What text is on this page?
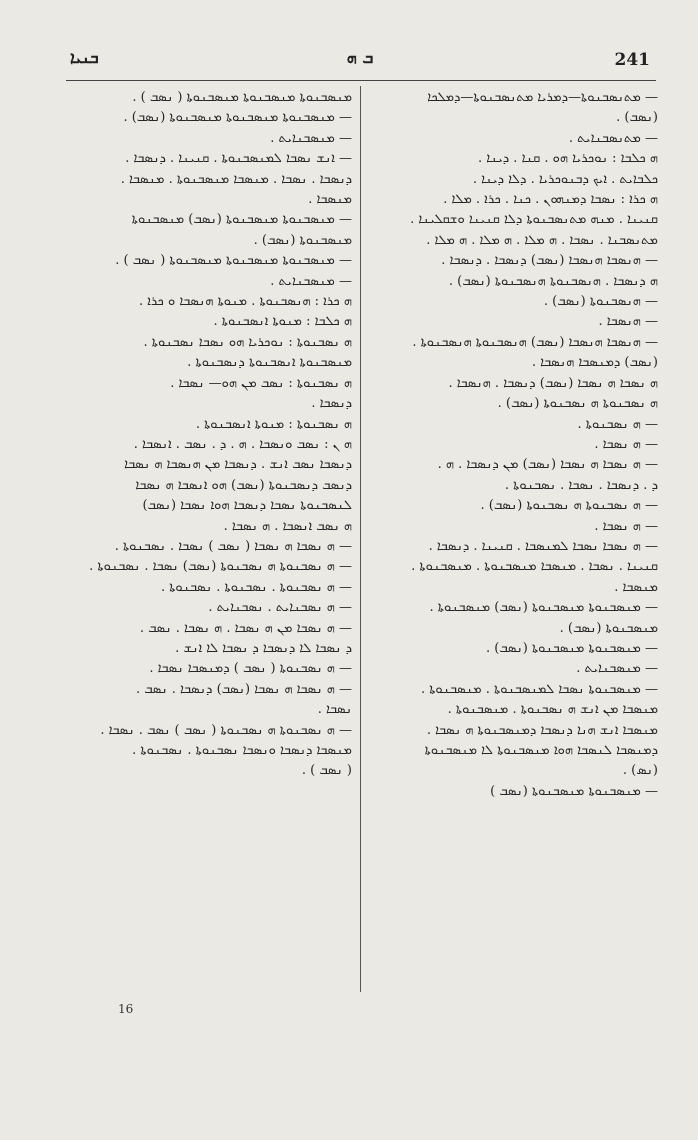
ܒܢܝܐ	ܒ ܗ	241
— ܡܬܢܣܒܢܘܬܐ—ܕܡܪܝܐ ܡܬܢܣܒܢܘܬܐ—ܕܡܠܟܐ
(ܢܣܒ) .
— ܡܬܢܣܒܢܐܝܬ .
ܗ ܟܠܒܐ : ܢܘܟܪܝܐ ܗܘ . ܩܢܐ . ܕܝܢܐ .
ܟܠܒܐܝܬ . ܐܝܟ ܕܒܢܘܟܪܝܐ . ܕܠܐ ܕܝܢܐ .
ܗ ܟܪܐ : ܢܣܒܐ ܕܡܢܗܘܢ . ܟܢܐ . ܟܪܐ . ܡܠܐ .
ܩܢܝܢܐ . ܡܢܗ ܡܬܢܣܒܢܘܬܐ ܕܠܐ ܩܢܝܢܐ ܘܫܩܠܝܢܐ .
ܡܬܢܣܒܢܐ . ܢܣܒܐ . ܗ ܡܠܐ . ܗ ܡܠܐ . ܗ ܡܠܐ .
— ܗܢܣܒܐ ܗܢܣܒܐ (ܢܣܒ) ܕܢܣܒܐ . ܕܢܣܒܐ .
ܗ ܕܢܣܒܐ . ܗܢܣܒܢܘܬܐ ܗܢܣܒܢܘܬܐ (ܢܣܒ) .
— ܗܢܣܒܢܘܬܐ (ܢܣܒ) .
— ܗܢܣܒܐ .
— ܗܢܣܒܐ ܗܢܣܒܐ (ܢܣܒ) ܗܢܣܒܢܘܬܐ ܗܢܣܒܢܘܬܐ .
(ܢܣܒ) ܕܡܢܣܒܐ ܗܢܣܒܐ .
ܗ ܢܣܒܐ ܗ ܢܣܒܐ (ܢܣܒ) ܕܢܣܒܐ . ܗܢܣܒܐ .
ܗ ܢܣܒܢܘܬܐ ܗ ܢܣܒܢܘܬܐ (ܢܣܒ) .
— ܗ ܢܣܒܢܘܬܐ .
— ܗ ܢܣܒܐ .
— ܗ ܢܣܒܐ ܗ ܢܣܒܐ (ܢܣܒ) ܡܢ ܕܢܣܒܐ . ܗ .
ܕ . ܕܢܣܒܐ . ܢܣܒܐ . ܢܣܒܢܘܬܐ .
— ܗ ܢܣܒܢܘܬܐ ܗ ܢܣܒܢܘܬܐ (ܢܣܒ) .
— ܗ ܢܣܒܐ .
— ܗ ܢܣܒܐ ܢܣܒܐ ܠܡܢܣܒܐ . ܩܢܝܢܐ . ܕܢܣܒܐ .
ܩܢܝܢܐ . ܢܣܒܐ . ܡܢܣܒܐ ܡܢܣܒܢܘܬܐ . ܡܢܣܒܢܘܬܐ .
ܡܢܣܒܐ .
— ܡܢܣܒܢܘܬܐ ܡܢܣܒܢܘܬܐ (ܢܣܒ) ܡܢܣܒܢܘܬܐ .
ܡܢܣܒܢܘܬܐ (ܢܣܒ) .
— ܡܢܣܒܢܘܬܐ ܡܢܣܒܢܘܬܐ (ܢܣܒ) .
— ܡܢܣܒܢܐܝܬ .
— ܡܢܣܒܢܘܬܐ ܢܣܒܐ ܠܡܢܣܒܢܘܬܐ . ܡܢܣܒܢܘܬܐ .
ܡܢܣܒܐ ܡܢ ܐܢܫ ܗ ܢܣܒܢܘܬܐ . ܡܢܣܒܢܘܬܐ .
ܡܢܣܒܐ ܐܢܫ ܗܢܐ ܕܢܣܒܐ ܕܡܢܣܒܢܘܬܐ ܗ ܢܣܒܐ .
ܕܡܢܣܒܐ ܠܢܣܒܐ ܗܘܐ ܡܢܣܒܢܘܬܐ ܠܐ ܡܢܣܒܢܘܬܐ
(ܢܣ) .
— ܡܢܣܒܢܘܬܐ ܡܢܣܒܢܘܬܐ (ܢܣܒ )
ܡܢܣܒܢܘܬܐ ܡܢܣܒܢܘܬܐ ܡܢܣܒܢܘܬܐ ( ܢܣܒ ) .
— ܡܢܣܒܢܘܬܐ ܡܢܣܒܢܘܬܐ ܡܢܣܒܢܘܬܐ (ܢܣܒ) .
— ܡܢܣܒܢܐܝܬ .
— ܐܢܫ ܢܣܒܐ ܠܡܢܣܒܢܘܬܐ . ܩܢܝܢܐ . ܕܢܣܒܐ .
ܕܢܣܒܐ . ܢܣܒܐ . ܡܢܣܒܐ ܡܢܣܒܢܘܬܐ . ܡܢܣܒܐ .
ܡܢܣܒܐ .
— ܡܢܣܒܢܘܬܐ ܡܢܣܒܢܘܬܐ (ܢܣܒ) ܡܢܣܒܢܘܬܐ
ܡܢܣܒܢܘܬܐ (ܢܣܒ) .
— ܡܢܣܒܢܘܬܐ ܡܢܣܒܢܘܬܐ ܡܢܣܒܢܘܬܐ ( ܢܣܒ ) .
— ܡܢܣܒܢܐܝܬ .
ܗ ܟܪܐ : ܗܢܣܒܢܘܬܐ . ܡܢܘܬܐ ܗܢܣܒܐ ܘ ܟܪܐ .
ܗ ܟܠܒܐ : ܡܢܘܬܐ ܐܢܣܒܢܘܬܐ .
ܗ ܢܣܒܢܘܬܐ : ܢܘܟܪܝܐ ܗܘ ܢܣܒܐ ܢܣܒܢܘܬܐ .
ܡܢܣܒܢܘܬܐ ܐܢܣܒܢܘܬܐ ܕܢܣܒܢܘܬܐ .
ܗ ܢܣܒܢܘܬܐ : ܢܣܒ ܡܢ ܗܘ— ܢܣܒܐ .
ܕܢܣܒܐ .
ܗ ܢܣܒܢܘܬܐ : ܡܢܘܬܐ ܐܢܣܒܢܘܬܐ .
ܗ ܢ : ܢܣܒ ܘܢܣܒܐ . ܗ . ܕ . ܢܣܒ . ܐܢܣܒܐ .
ܕܢܣܒܐ ܢܣܒ ܐܢܫ . ܕܢܣܒܐ ܡܢ ܗܢܣܒܐ ܗ ܢܣܒܐ
ܕܢܣܒ ܕܢܣܒܢܘܬܐ (ܢܣܒ) ܗܘ ܐܢܣܒܐ ܗ ܢܣܒܐ
ܠܢܣܒܢܘܬܐ ܢܣܒܐ ܕܢܣܒܐ ܗܘܐ ܢܣܒܐ (ܢܣܒ)
ܗ ܢܣܒ ܐܢܣܒܐ . ܗ ܢܣܒܐ .
— ܗ ܢܣܒܐ ܗ ܢܣܒܐ ( ܢܣܒ ) ܢܣܒܐ . ܢܣܒܢܘܬܐ .
— ܗ ܢܣܒܢܘܬܐ ܗ ܢܣܒܢܘܬܐ (ܢܣܒ) ܢܣܒܐ . ܢܣܒܢܘܬܐ .
— ܗ ܢܣܒܢܘܬܐ . ܢܣܒܢܘܬܐ . ܢܣܒܢܘܬܐ .
— ܗ ܢܣܒܢܐܝܬ . ܢܣܒܢܐܝܬ .
— ܗ ܢܣܒܐ ܡܢ ܗ ܢܣܒܐ . ܗ ܢܣܒܐ . ܢܣܒ .
ܕ ܢܣܒܐ ܠܐ ܕܢܣܒܐ ܕ ܢܣܒܐ ܠܐ ܐܢܫ .
— ܗ ܢܣܒܢܘܬܐ ( ܢܣܒ ) ܕܡܢܣܒܐ ܢܣܒܐ .
— ܗ ܢܣܒܐ ܗ ܢܣܒܐ (ܢܣܒ) ܕܢܣܒܐ . ܢܣܒ .
ܢܣܒܐ .
— ܗ ܢܣܒܢܘܬܐ ܗ ܢܣܒܢܘܬܐ ( ܢܣܒ ) ܢܣܒ . ܢܣܒܐ .
ܡܢܣܒܐ ܕܢܣܒܐ ܘܢܣܒܐ ܢܣܒܢܘܬܐ . ܢܣܒܢܘܬܐ .
( ܢܣܒ ) .
16
